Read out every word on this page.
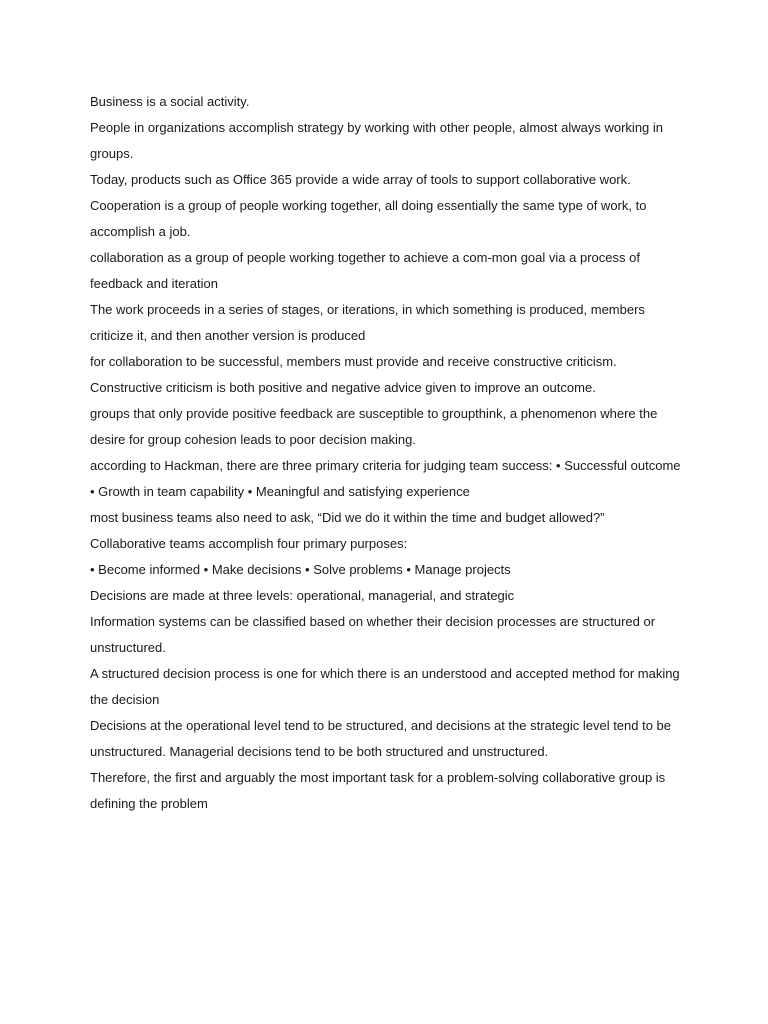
Business is a social activity.

People in organizations accomplish strategy by working with other people, almost always working in groups.

Today, products such as Office 365 provide a wide array of tools to support collaborative work.

Cooperation is a group of people working together, all doing essentially the same type of work, to accomplish a job.

collaboration as a group of people working together to achieve a com-mon goal via a process of feedback and iteration

The work proceeds in a series of stages, or iterations, in which something is produced, members criticize it, and then another version is produced

for collaboration to be successful, members must provide and receive constructive criticism.

Constructive criticism is both positive and negative advice given to improve an outcome.

groups that only provide positive feedback are susceptible to groupthink, a phenomenon where the desire for group cohesion leads to poor decision making.

according to Hackman, there are three primary criteria for judging team success: • Successful outcome • Growth in team capability • Meaningful and satisfying experience

most business teams also need to ask, “Did we do it within the time and budget allowed?”

Collaborative teams accomplish four primary purposes:

• Become informed • Make decisions • Solve problems • Manage projects

Decisions are made at three levels: operational, managerial, and strategic

Information systems can be classified based on whether their decision processes are structured or unstructured.

A structured decision process is one for which there is an understood and accepted method for making the decision

Decisions at the operational level tend to be structured, and decisions at the strategic level tend to be unstructured. Managerial decisions tend to be both structured and unstructured.

Therefore, the first and arguably the most important task for a problem-solving collaborative group is defining the problem
